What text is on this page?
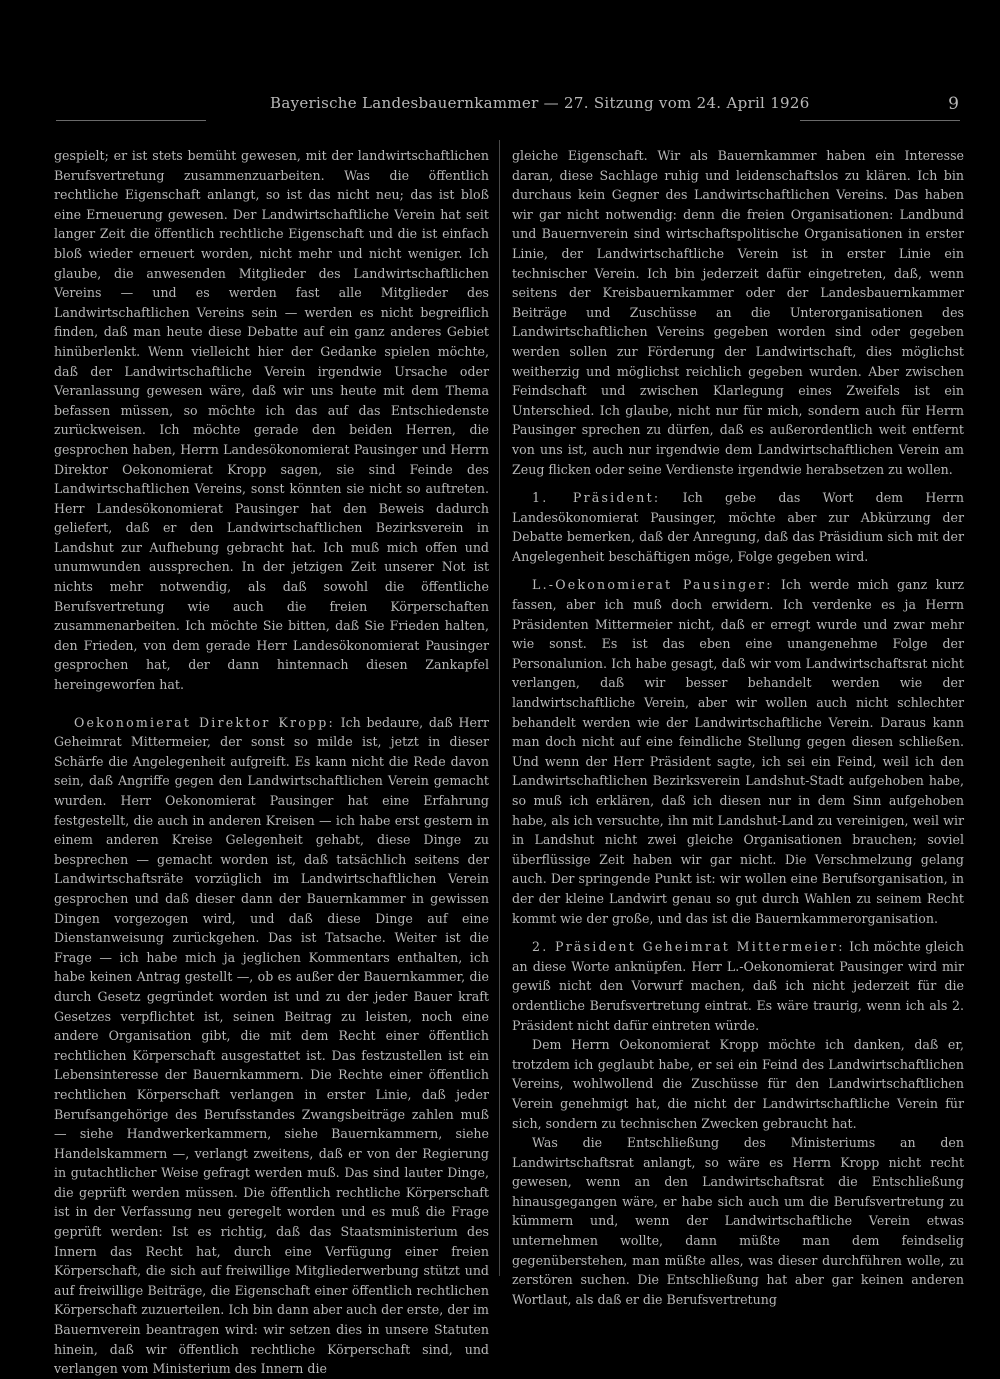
Bayerische Landesbauernkammer — 27. Sitzung vom 24. April 1926	9

gespielt; er ist stets bemüht gewesen, mit der landwirtschaftlichen Berufsvertretung zusammenzuarbeiten. Was die öffentlich rechtliche Eigenschaft anlangt, so ist das nicht neu; das ist bloß eine Erneuerung gewesen. Der Landwirtschaftliche Verein hat seit langer Zeit die öffentlich rechtliche Eigenschaft und die ist einfach bloß wieder erneuert worden, nicht mehr und nicht weniger. Ich glaube, die anwesenden Mitglieder des Landwirtschaftlichen Vereins — und es werden fast alle Mitglieder des Landwirtschaftlichen Vereins sein — werden es nicht begreiflich finden, daß man heute diese Debatte auf ein ganz anderes Gebiet hinüberlenkt. Wenn vielleicht hier der Gedanke spielen möchte, daß der Landwirtschaftliche Verein irgendwie Ursache oder Veranlassung gewesen wäre, daß wir uns heute mit dem Thema befassen müssen, so möchte ich das auf das Entschiedenste zurückweisen. Ich möchte gerade den beiden Herren, die gesprochen haben, Herrn Landesökonomierat Pausinger und Herrn Direktor Oekonomierat Kropp sagen, sie sind Feinde des Landwirtschaftlichen Vereins, sonst könnten sie nicht so auftreten. Herr Landesökonomierat Pausinger hat den Beweis dadurch geliefert, daß er den Landwirtschaftlichen Bezirksverein in Landshut zur Aufhebung gebracht hat. Ich muß mich offen und unumwunden aussprechen. In der jetzigen Zeit unserer Not ist nichts mehr notwendig, als daß sowohl die öffentliche Berufsvertretung wie auch die freien Körperschaften zusammenarbeiten. Ich möchte Sie bitten, daß Sie Frieden halten, den Frieden, von dem gerade Herr Landesökonomierat Pausinger gesprochen hat, der dann hintennach diesen Zankapfel hereingeworfen hat.

Oekonomierat Direktor Kropp: Ich bedaure, daß Herr Geheimrat Mittermeier, der sonst so milde ist, jetzt in dieser Schärfe die Angelegenheit aufgreift. Es kann nicht die Rede davon sein, daß Angriffe gegen den Landwirtschaftlichen Verein gemacht wurden. Herr Oekonomierat Pausinger hat eine Erfahrung festgestellt, die auch in anderen Kreisen — ich habe erst gestern in einem anderen Kreise Gelegenheit gehabt, diese Dinge zu besprechen — gemacht worden ist, daß tatsächlich seitens der Landwirtschaftsräte vorzüglich im Landwirtschaftlichen Verein gesprochen und daß dieser dann der Bauernkammer in gewissen Dingen vorgezogen wird, und daß diese Dinge auf eine Dienstanweisung zurückgehen. Das ist Tatsache. Weiter ist die Frage — ich habe mich ja jeglichen Kommentars enthalten, ich habe keinen Antrag gestellt —, ob es außer der Bauernkammer, die durch Gesetz gegründet worden ist und zu der jeder Bauer kraft Gesetzes verpflichtet ist, seinen Beitrag zu leisten, noch eine andere Organisation gibt, die mit dem Recht einer öffentlich rechtlichen Körperschaft ausgestattet ist. Das festzustellen ist ein Lebensinteresse der Bauernkammern. Die Rechte einer öffentlich rechtlichen Körperschaft verlangen in erster Linie, daß jeder Berufsangehörige des Berufsstandes Zwangsbeiträge zahlen muß — siehe Handwerkerkammern, siehe Bauernkammern, siehe Handelskammern —, verlangt zweitens, daß er von der Regierung in gutachtlicher Weise gefragt werden muß. Das sind lauter Dinge, die geprüft werden müssen. Die öffentlich rechtliche Körperschaft ist in der Verfassung neu geregelt worden und es muß die Frage geprüft werden: Ist es richtig, daß das Staatsministerium des Innern das Recht hat, durch eine Verfügung einer freien Körperschaft, die sich auf freiwillige Mitgliederwerbung stützt und auf freiwillige Beiträge, die Eigenschaft einer öffentlich rechtlichen Körperschaft zuzuerteilen. Ich bin dann aber auch der erste, der im Bauernverein beantragen wird: wir setzen dies in unsere Statuten hinein, daß wir öffentlich rechtliche Körperschaft sind, und verlangen vom Ministerium des Innern die

gleiche Eigenschaft. Wir als Bauernkammer haben ein Interesse daran, diese Sachlage ruhig und leidenschaftslos zu klären. Ich bin durchaus kein Gegner des Landwirtschaftlichen Vereins. Das haben wir gar nicht notwendig: denn die freien Organisationen: Landbund und Bauernverein sind wirtschaftspolitische Organisationen in erster Linie, der Landwirtschaftliche Verein ist in erster Linie ein technischer Verein. Ich bin jederzeit dafür eingetreten, daß, wenn seitens der Kreisbauernkammer oder der Landesbauernkammer Beiträge und Zuschüsse an die Unterorganisationen des Landwirtschaftlichen Vereins gegeben worden sind oder gegeben werden sollen zur Förderung der Landwirtschaft, dies möglichst weitherzig und möglichst reichlich gegeben wurden. Aber zwischen Feindschaft und zwischen Klarlegung eines Zweifels ist ein Unterschied. Ich glaube, nicht nur für mich, sondern auch für Herrn Pausinger sprechen zu dürfen, daß es außerordentlich weit entfernt von uns ist, auch nur irgendwie dem Landwirtschaftlichen Verein am Zeug flicken oder seine Verdienste irgendwie herabsetzen zu wollen.

1. Präsident: Ich gebe das Wort dem Herrn Landesökonomierat Pausinger, möchte aber zur Abkürzung der Debatte bemerken, daß der Anregung, daß das Präsidium sich mit der Angelegenheit beschäftigen möge, Folge gegeben wird.

L.-Oekonomierat Pausinger: Ich werde mich ganz kurz fassen, aber ich muß doch erwidern. Ich verdenke es ja Herrn Präsidenten Mittermeier nicht, daß er erregt wurde und zwar mehr wie sonst. Es ist das eben eine unangenehme Folge der Personalunion. Ich habe gesagt, daß wir vom Landwirtschaftsrat nicht verlangen, daß wir besser behandelt werden wie der landwirtschaftliche Verein, aber wir wollen auch nicht schlechter behandelt werden wie der Landwirtschaftliche Verein. Daraus kann man doch nicht auf eine feindliche Stellung gegen diesen schließen. Und wenn der Herr Präsident sagte, ich sei ein Feind, weil ich den Landwirtschaftlichen Bezirksverein Landshut-Stadt aufgehoben habe, so muß ich erklären, daß ich diesen nur in dem Sinn aufgehoben habe, als ich versuchte, ihn mit Landshut-Land zu vereinigen, weil wir in Landshut nicht zwei gleiche Organisationen brauchen; soviel überflüssige Zeit haben wir gar nicht. Die Verschmelzung gelang auch. Der springende Punkt ist: wir wollen eine Berufsorganisation, in der der kleine Landwirt genau so gut durch Wahlen zu seinem Recht kommt wie der große, und das ist die Bauernkammerorganisation.

2. Präsident Geheimrat Mittermeier: Ich möchte gleich an diese Worte anknüpfen. Herr L.-Oekonomierat Pausinger wird mir gewiß nicht den Vorwurf machen, daß ich nicht jederzeit für die ordentliche Berufsvertretung eintrat. Es wäre traurig, wenn ich als 2. Präsident nicht dafür eintreten würde.

Dem Herrn Oekonomierat Kropp möchte ich danken, daß er, trotzdem ich geglaubt habe, er sei ein Feind des Landwirtschaftlichen Vereins, wohlwollend die Zuschüsse für den Landwirtschaftlichen Verein genehmigt hat, die nicht der Landwirtschaftliche Verein für sich, sondern zu technischen Zwecken gebraucht hat.

Was die Entschließung des Ministeriums an den Landwirtschaftsrat anlangt, so wäre es Herrn Kropp nicht recht gewesen, wenn an den Landwirtschaftsrat die Entschließung hinausgegangen wäre, er habe sich auch um die Berufsvertretung zu kümmern und, wenn der Landwirtschaftliche Verein etwas unternehmen wollte, dann müßte man dem feindselig gegenüberstehen, man müßte alles, was dieser durchführen wolle, zu zerstören suchen. Die Entschließung hat aber gar keinen anderen Wortlaut, als daß er die Berufsvertretung
